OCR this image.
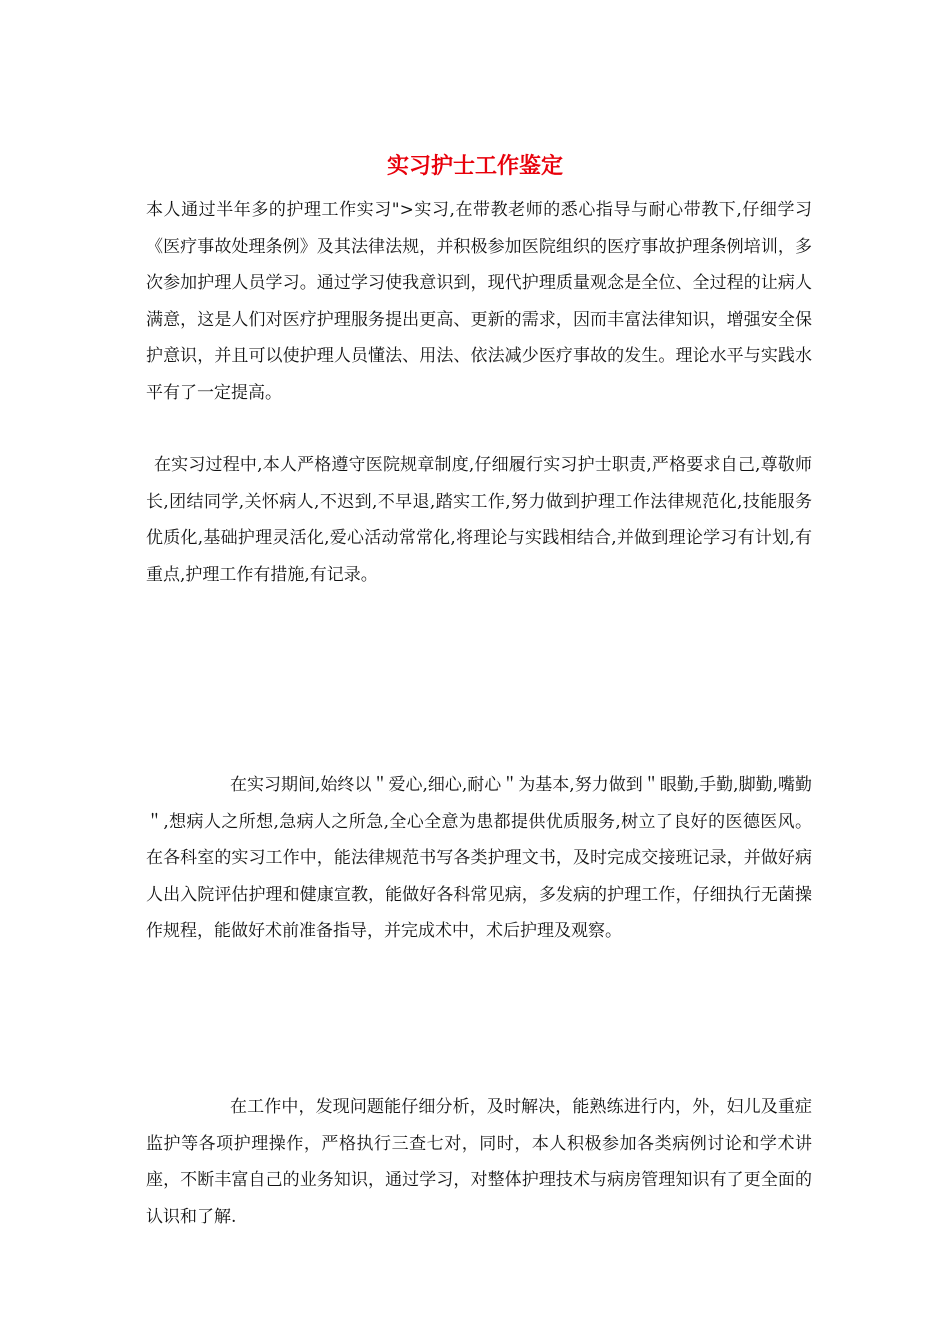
实习护士工作鉴定

本人通过半年多的护理工作实习">实习,在带教老师的悉心指导与耐心带教下,仔细学习《医疗事故处理条例》及其法律法规，并积极参加医院组织的医疗事故护理条例培训，多次参加护理人员学习。通过学习使我意识到，现代护理质量观念是全位、全过程的让病人满意，这是人们对医疗护理服务提出更高、更新的需求，因而丰富法律知识，增强安全保护意识，并且可以使护理人员懂法、用法、依法减少医疗事故的发生。理论水平与实践水平有了一定提高。

在实习过程中,本人严格遵守医院规章制度,仔细履行实习护士职责,严格要求自己,尊敬师长,团结同学,关怀病人,不迟到,不早退,踏实工作,努力做到护理工作法律规范化,技能服务优质化,基础护理灵活化,爱心活动常常化,将理论与实践相结合,并做到理论学习有计划,有重点,护理工作有措施,有记录。

在实习期间,始终以＂爱心,细心,耐心＂为基本,努力做到＂眼勤,手勤,脚勤,嘴勤＂,想病人之所想,急病人之所急,全心全意为患都提供优质服务,树立了良好的医德医风。 在各科室的实习工作中，能法律规范书写各类护理文书，及时完成交接班记录，并做好病人出入院评估护理和健康宣教，能做好各科常见病，多发病的护理工作，仔细执行无菌操作规程，能做好术前准备指导，并完成术中，术后护理及观察。

在工作中，发现问题能仔细分析，及时解决，能熟练进行内，外，妇儿及重症监护等各项护理操作，严格执行三查七对，同时，本人积极参加各类病例讨论和学术讲座，不断丰富自己的业务知识，通过学习，对整体护理技术与病房管理知识有了更全面的认识和了解.
